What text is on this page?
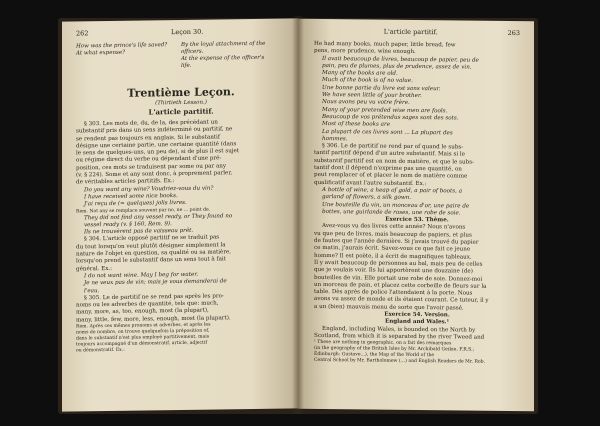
262	Leçon 30.
How was the prince's life saved?
At what expense?
By the loyal attachment of the
officers.
At the expense of the officer's
life.
Trentième Leçon.
(Thirtieth Lesson.)
L'article partitif.

§ 303. Les mots de, du, de la, des précédant un

substantif pris dans un sens indéterminé ou partitif, ne

se rendent pas toujours en anglais. Si le substantif

désigne une certaine partie, une certaine quantité (dans

le sens de quelques-uns, un peu de), si de plus il est sujet

ou régime direct du verbe ou dépendant d'une pré-

position, ces mots se traduisent par some ou par any

(v. § 224). Some et any sont donc, à proprement parler,

de véritables articles partitifs. Ex.:

Do you want any wine? Voudriez-vous du vin?

I have received some nice books.

J'ai reçu de (= quelques) jolis livres.

Rem. Not any se remplace souvent par no, ne ... point de.

They did not find any vessel ready, or They found no

vessel ready (v. § 160, Rem. 9).

Ils ne trouvèrent pas de vaisseau prêt.

§ 304. L'article opposé partitif ne se traduit pas

du tout lorsqu'on veut plutôt désigner simplement la

nature de l'objet en question, sa qualité ou sa matière,

lorsqu'on prend le substantif dans un sens tout à fait

général. Ex.:

I do not want wine. May I beg for water.

Je ne veux pas de vin; mais je vous demanderai de

l'eau.

§ 305. Le de partitif ne se rend pas après les pro-

noms ou les adverbes de quantité, tels que: much,

many, more, as, too, enough, most (la plupart),

many, little, few, more, less, enough, most (la plupart).

Rem. Après ces mêmes pronoms et adverbes, et après les

noms de nombre, on trouve quelquefois la préposition of,

dans le substantif n'est plus employé partitivement, mais

toujours accompagné d'un démonstratif, article, adjectif

ou démonstratif. Ex.:

L'article partitif.	263

He had many books, much paper, little bread, few

pens, more prudence, wine enough.

Il avait beaucoup de livres, beaucoup de papier, peu de

pain, peu de plumes, plus de prudence, assez de vin.

Many of the books are old.

Much of the book is of no value.

Une bonne partie du livre est sans valeur.

We have seen little of your brother.

Nous avons peu vu votre frère.

Many of your pretended wise men are fools.

Beaucoup de vos prétendus sages sont des sots.

Most of these books are

La plupart de ces livres sont ... La plupart des

hommes.

§ 306. Le de partitif ne rend par of quand le subs-

tantif partitif dépend d'un autre substantif. Mais si le

substantif partitif est en nom de matière, et que le subs-

tantif dont il dépend n'exprime pas une quantité, on

peut remplacer of et placer le nom de matière comme

qualificatif avant l'autre substantif. Ex.:

A bottle of wine, a heap of gold, a pair of boots, a

garland of flowers, a silk gown.

Une bouteille du vin, un monceau d'or, une paire de

bottes, une guirlande de roses, une robe de soie.

Exercice 53. Thème.

Avez-vous vu des livres cette année? Nous n'avons

vu que peu de livres, mais beaucoup de papiers, et plus

de fautes que l'année dernière. Si j'avais trouvé du papier

ce matin, j'aurais écrit. Savez-vous ce que fait ce jeune

homme? Il est poète, il a écrit de magnifiques tableaux.

Il y avait beaucoup de personnes au bal, mais peu de celles

que je voulais voir. Ils lui apportèrent une douzaine (de)

bouteilles de vin. Elle portait une robe de soie. Donnez-moi

un morceau de pain, et placez cette corbeille de fleurs sur la

table. Dès après de police l'attendaient à la porte. Nous

avons vu assez de monde et ils étaient courant. Ce tuteur, il y

a un (bien) mauvais menu de sorte que l'avoir passé.

Exercice 54. Version.

England and Wales.¹

England, including Wales, is bounded on the North by

Scotland, from which it is separated by the river Tweed and

¹ These are nothing in geographic, on a fait des remarques

(in the geography of the British Isles by Mr. Archibald Geikie, F.R.S.;

Edinburgh: Gustave...), the Map of the World of the

Central School by Mr. Bartholomew (...) and English Readers de Mr. Rob.
